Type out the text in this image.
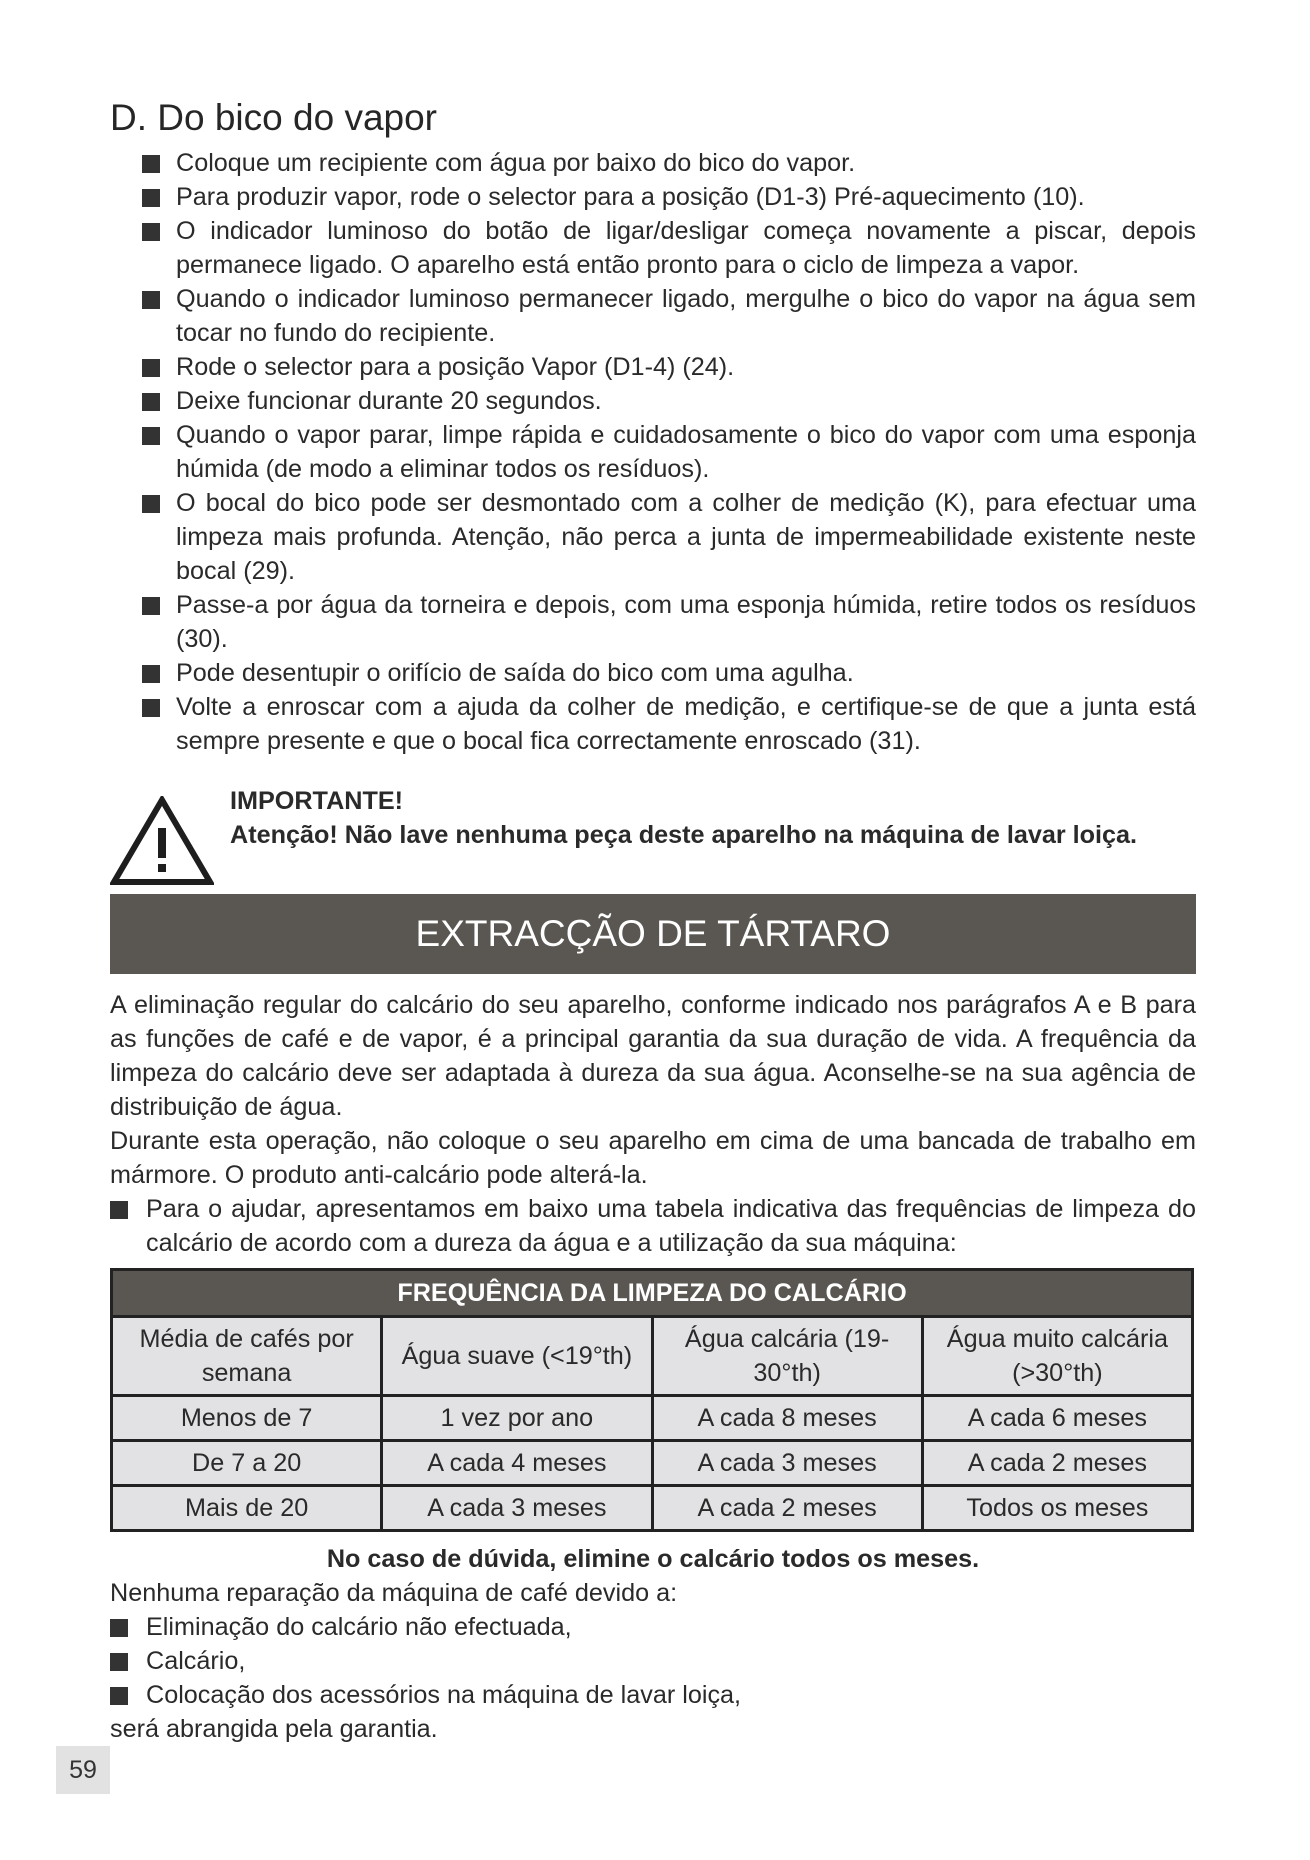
D. Do bico do vapor
Coloque um recipiente com água por baixo do bico do vapor.
Para produzir vapor, rode o selector para a posição (D1-3) Pré-aquecimento (10).
O indicador luminoso do botão de ligar/desligar começa novamente a piscar, depois permanece ligado. O aparelho está então pronto para o ciclo de limpeza a vapor.
Quando o indicador luminoso permanecer ligado, mergulhe o bico do vapor na água sem tocar no fundo do recipiente.
Rode o selector para a posição Vapor (D1-4) (24).
Deixe funcionar durante 20 segundos.
Quando o vapor parar, limpe rápida e cuidadosamente o bico do vapor com uma esponja húmida (de modo a eliminar todos os resíduos).
O bocal do bico pode ser desmontado com a colher de medição (K), para efectuar uma limpeza mais profunda. Atenção, não perca a junta de impermeabilidade existente neste bocal (29).
Passe-a por água da torneira e depois, com uma esponja húmida, retire todos os resíduos (30).
Pode desentupir o orifício de saída do bico com uma agulha.
Volte a enroscar com a ajuda da colher de medição, e certifique-se de que a junta está sempre presente e que o bocal fica correctamente enroscado (31).
IMPORTANTE!
Atenção! Não lave nenhuma peça deste aparelho na máquina de lavar loiça.
EXTRACÇÃO DE TÁRTARO

A eliminação regular do calcário do seu aparelho, conforme indicado nos parágrafos A e B para as funções de café e de vapor, é a principal garantia da sua duração de vida. A frequência da limpeza do calcário deve ser adaptada à dureza da sua água. Aconselhe-se na sua agência de distribuição de água.

Durante esta operação, não coloque o seu aparelho em cima de uma bancada de trabalho em mármore. O produto anti-calcário pode alterá-la.

Para o ajudar, apresentamos em baixo uma tabela indicativa das frequências de limpeza do calcário de acordo com a dureza da água e a utilização da sua máquina:
FREQUÊNCIA DA LIMPEZA DO CALCÁRIO			
Média de cafés por semana	Água suave (<19°th)	Água calcária (19-30°th)	Água muito calcária (>30°th)
Menos de 7	1 vez por ano	A cada 8 meses	A cada 6 meses
De 7 a 20	A cada 4 meses	A cada 3 meses	A cada 2 meses
Mais de 20	A cada 3 meses	A cada 2 meses	Todos os meses
No caso de dúvida, elimine o calcário todos os meses.

Nenhuma reparação da máquina de café devido a:

Eliminação do calcário não efectuada,
Calcário,
Colocação dos acessórios na máquina de lavar loiça,

será abrangida pela garantia.

59
